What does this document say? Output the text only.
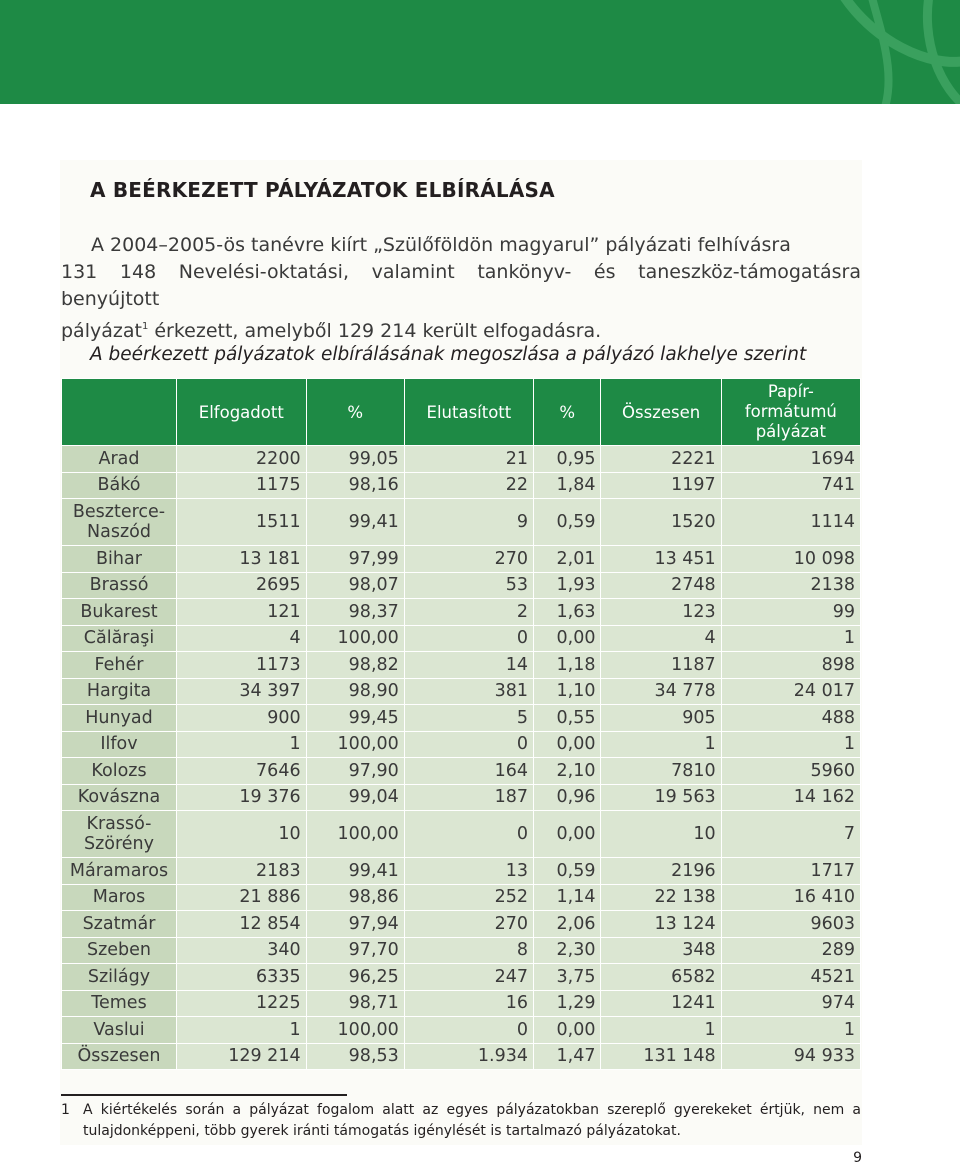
A BEÉRKEZETT PÁLYÁZATOK ELBÍRÁLÁSA
A 2004–2005-ös tanévre kiírt „Szülőföldön magyarul” pályázati felhívásra
131 148 Nevelési-oktatási, valamint tankönyv- és taneszköz-támogatásra benyújtott
pályázat$^1$ érkezett, amelyből 129 214 került elfogadásra.
A beérkezett pályázatok elbírálásának megoszlása a pályázó lakhelye szerint
	Elfogadott	%	Elutasított	%	Összesen	Papír-
formátumú
pályázat

Arad	2200	99,05	21	0,95	2221	1694
Bákó	1175	98,16	22	1,84	1197	741

Beszterce-
Naszód	1511	99,41	9	0,59	1520	1114
Bihar	13 181	97,99	270	2,01	13 451	10 098
Brassó	2695	98,07	53	1,93	2748	2138
Bukarest	121	98,37	2	1,63	123	99
Călăraşi	4	100,00	0	0,00	4	1
Fehér	1173	98,82	14	1,18	1187	898
Hargita	34 397	98,90	381	1,10	34 778	24 017
Hunyad	900	99,45	5	0,55	905	488
Ilfov	1	100,00	0	0,00	1	1
Kolozs	7646	97,90	164	2,10	7810	5960
Kovászna	19 376	99,04	187	0,96	19 563	14 162

Krassó-
Szörény	10	100,00	0	0,00	10	7
Máramaros	2183	99,41	13	0,59	2196	1717
Maros	21 886	98,86	252	1,14	22 138	16 410
Szatmár	12 854	97,94	270	2,06	13 124	9603
Szeben	340	97,70	8	2,30	348	289
Szilágy	6335	96,25	247	3,75	6582	4521
Temes	1225	98,71	16	1,29	1241	974
Vaslui	1	100,00	0	0,00	1	1
Összesen	129 214	98,53	1.934	1,47	131 148	94 933
1 A kiértékelés során a pályázat fogalom alatt az egyes pályázatokban szereplő gyerekeket értjük, nem a tulajdonképpeni, több gyerek iránti támogatás igénylését is tartalmazó pályázatokat.
9
